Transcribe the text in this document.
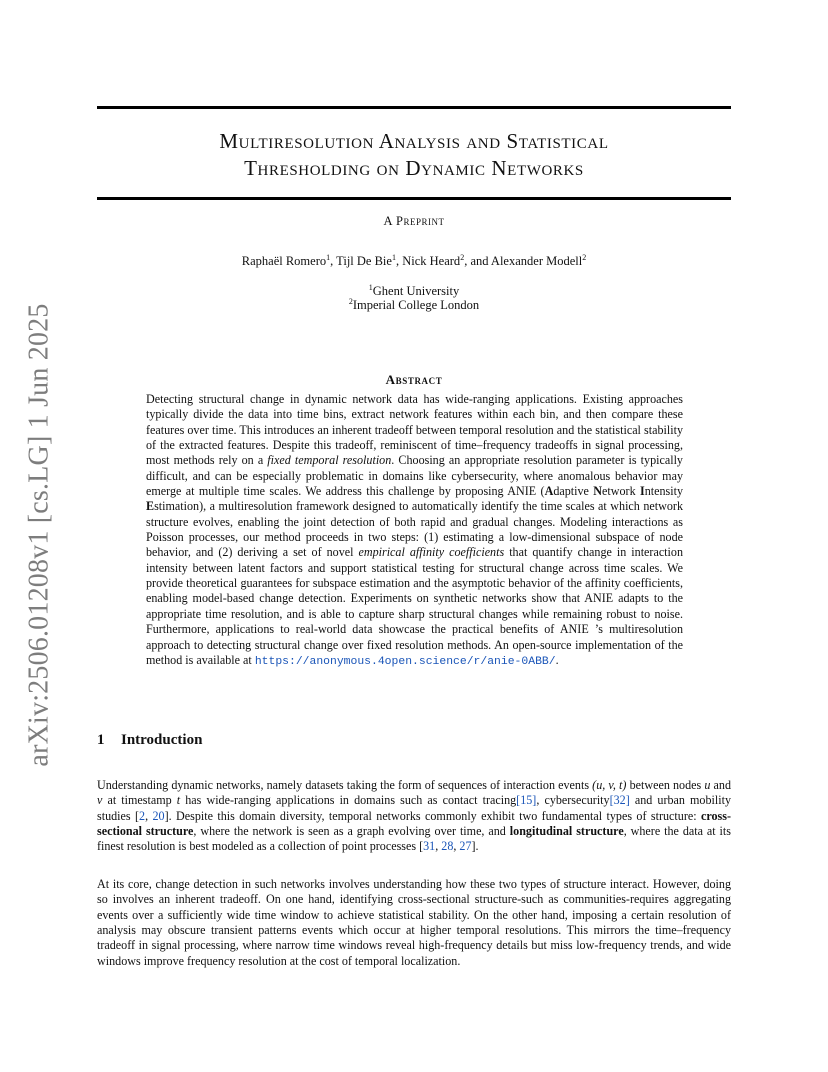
arXiv:2506.01208v1 [cs.LG] 1 Jun 2025
Multiresolution Analysis and Statistical
Thresholding on Dynamic Networks
A Preprint
Raphaël Romero$^1$, Tijl De Bie$^1$, Nick Heard$^2$, and Alexander Modell$^2$
$^1$Ghent University
$^2$Imperial College London
Abstract
Detecting structural change in dynamic network data has wide-ranging applications. Existing approaches typically divide the data into time bins, extract network features within each bin, and then compare these features over time. This introduces an inherent tradeoff between temporal resolution and the statistical stability of the extracted features. Despite this tradeoff, reminiscent of time–frequency tradeoffs in signal processing, most methods rely on a fixed temporal resolution. Choosing an appropriate resolution parameter is typically difficult, and can be especially problematic in domains like cybersecurity, where anomalous behavior may emerge at multiple time scales. We address this challenge by proposing ANIE (Adaptive Network Intensity Estimation), a multiresolution framework designed to automatically identify the time scales at which network structure evolves, enabling the joint detection of both rapid and gradual changes. Modeling interactions as Poisson processes, our method proceeds in two steps: (1) estimating a low-dimensional subspace of node behavior, and (2) deriving a set of novel empirical affinity coefficients that quantify change in interaction intensity between latent factors and support statistical testing for structural change across time scales. We provide theoretical guarantees for subspace estimation and the asymptotic behavior of the affinity coefficients, enabling model-based change detection. Experiments on synthetic networks show that ANIE adapts to the appropriate time resolution, and is able to capture sharp structural changes while remaining robust to noise. Furthermore, applications to real-world data showcase the practical benefits of ANIE ’s multiresolution approach to detecting structural change over fixed resolution methods. An open-source implementation of the method is available at https://anonymous.4open.science/r/anie-0ABB/.
1 Introduction

Understanding dynamic networks, namely datasets taking the form of sequences of interaction events (u, v, t) between nodes u and v at timestamp t has wide-ranging applications in domains such as contact tracing[15], cybersecurity[32] and urban mobility studies [2, 20]. Despite this domain diversity, temporal networks commonly exhibit two fundamental types of structure: cross-sectional structure, where the network is seen as a graph evolving over time, and longitudinal structure, where the data at its finest resolution is best modeled as a collection of point processes [31, 28, 27].

At its core, change detection in such networks involves understanding how these two types of structure interact. However, doing so involves an inherent tradeoff. On one hand, identifying cross-sectional structure-such as communities-requires aggregating events over a sufficiently wide time window to achieve statistical stability. On the other hand, imposing a certain resolution of analysis may obscure transient patterns events which occur at higher temporal resolutions. This mirrors the time–frequency tradeoff in signal processing, where narrow time windows reveal high-frequency details but miss low-frequency trends, and wide windows improve frequency resolution at the cost of temporal localization.
